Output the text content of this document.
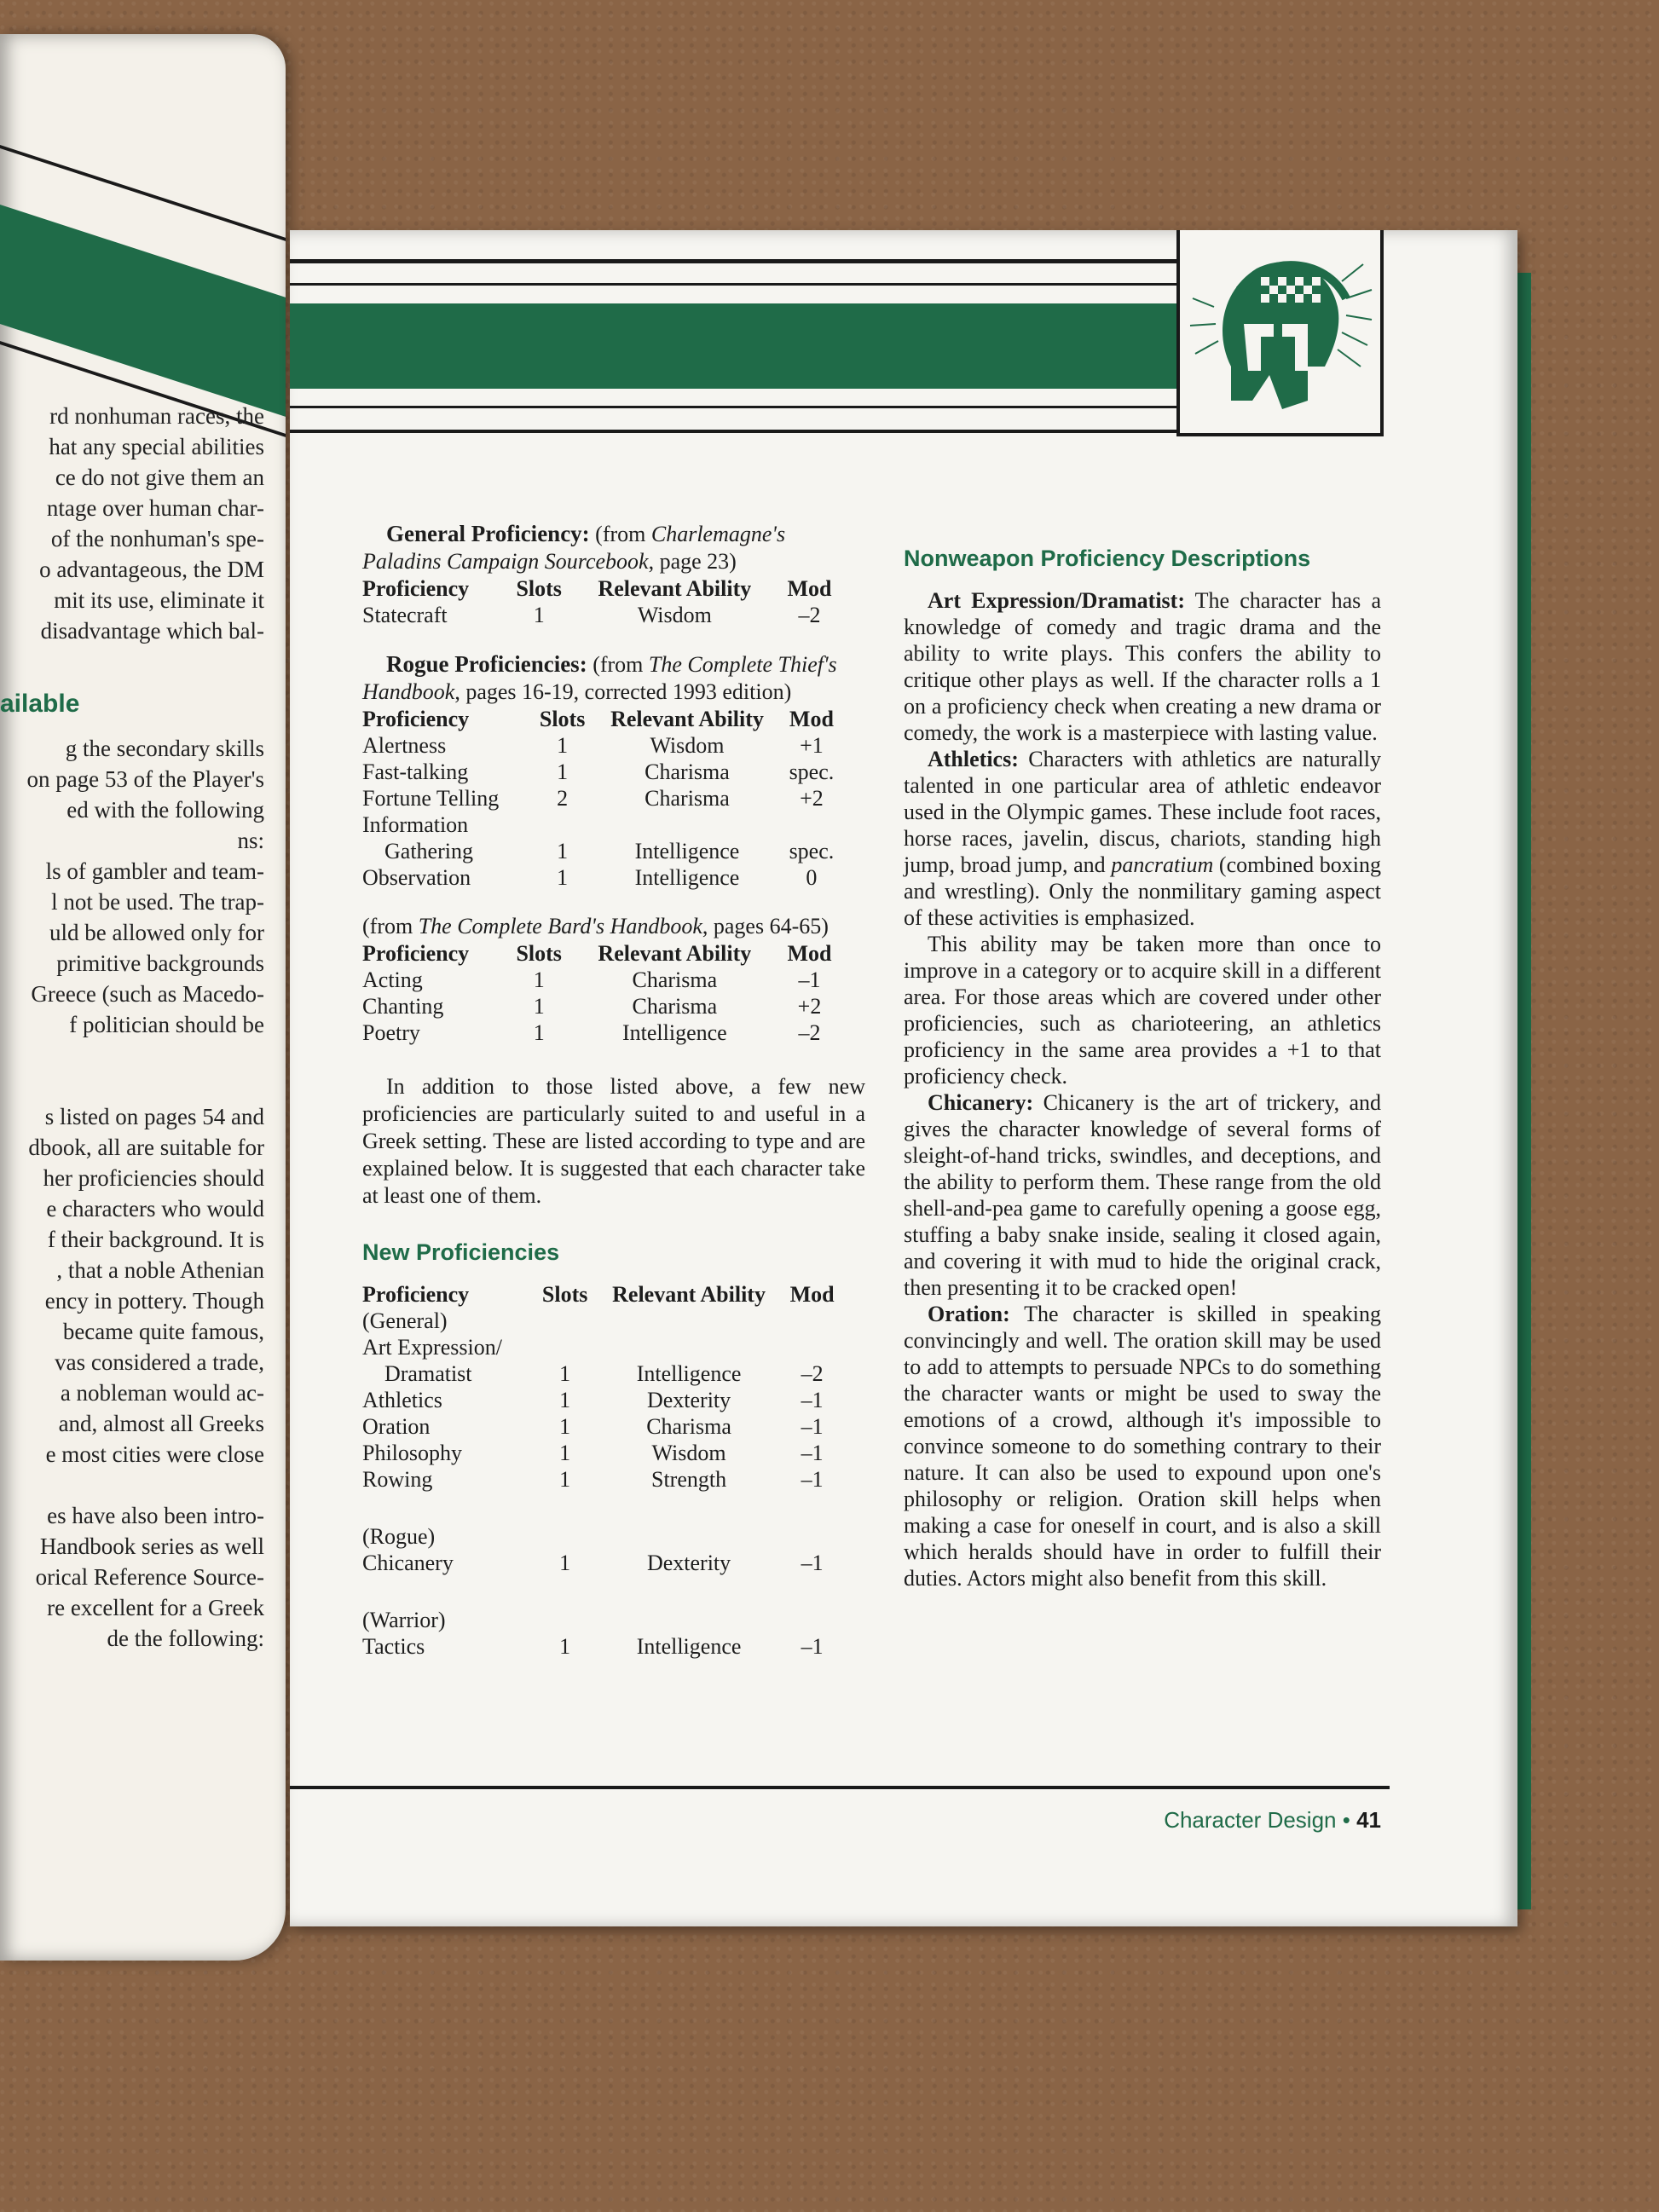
rd nonhuman races, the

hat any special abilities

ce do not give them an

ntage over human char-

of the nonhuman's spe-

o advantageous, the DM

mit its use, eliminate it

disadvantage which bal-

ailable

g the secondary skills

on page 53 of the Player's

ed with the following

ns:

ls of gambler and team-

l not be used. The trap-

uld be allowed only for

primitive backgrounds

Greece (such as Macedo-

f politician should be

s listed on pages 54 and

dbook, all are suitable for

her proficiencies should

e characters who would

f their background. It is

, that a noble Athenian

ency in pottery. Though

became quite famous,

vas considered a trade,

a nobleman would ac-

and, almost all Greeks

e most cities were close

es have also been intro-

Handbook series as well

orical Reference Source-

re excellent for a Greek

de the following:

General Proficiency: (from Charlemagne's Paladins Campaign Sourcebook, page 23)

Proficiency	Slots	Relevant Ability	Mod
Statecraft	1	Wisdom	–2

Rogue Proficiencies: (from The Complete Thief's Handbook, pages 16-19, corrected 1993 edition)

Proficiency	Slots	Relevant Ability	Mod
Alertness	1	Wisdom	+1
Fast-talking	1	Charisma	spec.
Fortune Telling	2	Charisma	+2
Information			
Gathering	1	Intelligence	spec.
Observation	1	Intelligence	0

(from The Complete Bard's Handbook, pages 64-65)

Proficiency	Slots	Relevant Ability	Mod
Acting	1	Charisma	–1
Chanting	1	Charisma	+2
Poetry	1	Intelligence	–2

In addition to those listed above, a few new proficiencies are particularly suited to and useful in a Greek setting. These are listed according to type and are explained below. It is suggested that each character take at least one of them.

New Proficiencies

Proficiency	Slots	Relevant Ability	Mod
(General)			
Art Expression/			
Dramatist	1	Intelligence	–2
Athletics	1	Dexterity	–1
Oration	1	Charisma	–1
Philosophy	1	Wisdom	–1
Rowing	1	Strength	–1

(Rogue)			
Chicanery	1	Dexterity	–1

(Warrior)			
Tactics	1	Intelligence	–1

Nonweapon Proficiency Descriptions

Art Expression/Dramatist: The character has a knowledge of comedy and tragic drama and the ability to write plays. This confers the ability to critique other plays as well. If the character rolls a 1 on a proficiency check when creating a new drama or comedy, the work is a masterpiece with lasting value.

Athletics: Characters with athletics are naturally talented in one particular area of athletic endeavor used in the Olympic games. These include foot races, horse races, javelin, discus, chariots, standing high jump, broad jump, and pancratium (combined boxing and wrestling). Only the nonmilitary gaming aspect of these activities is emphasized.

This ability may be taken more than once to improve in a category or to acquire skill in a different area. For those areas which are covered under other proficiencies, such as charioteering, an athletics proficiency in the same area provides a +1 to that proficiency check.

Chicanery: Chicanery is the art of trickery, and gives the character knowledge of several forms of sleight-of-hand tricks, swindles, and deceptions, and the ability to perform them. These range from the old shell-and-pea game to carefully opening a goose egg, stuffing a baby snake inside, sealing it closed again, and covering it with mud to hide the original crack, then presenting it to be cracked open!

Oration: The character is skilled in speaking convincingly and well. The oration skill may be used to add to attempts to persuade NPCs to do something the character wants or might be used to sway the emotions of a crowd, although it's impossible to convince someone to do something contrary to their nature. It can also be used to expound upon one's philosophy or religion. Oration skill helps when making a case for oneself in court, and is also a skill which heralds should have in order to fulfill their duties. Actors might also benefit from this skill.

Character Design • 41
